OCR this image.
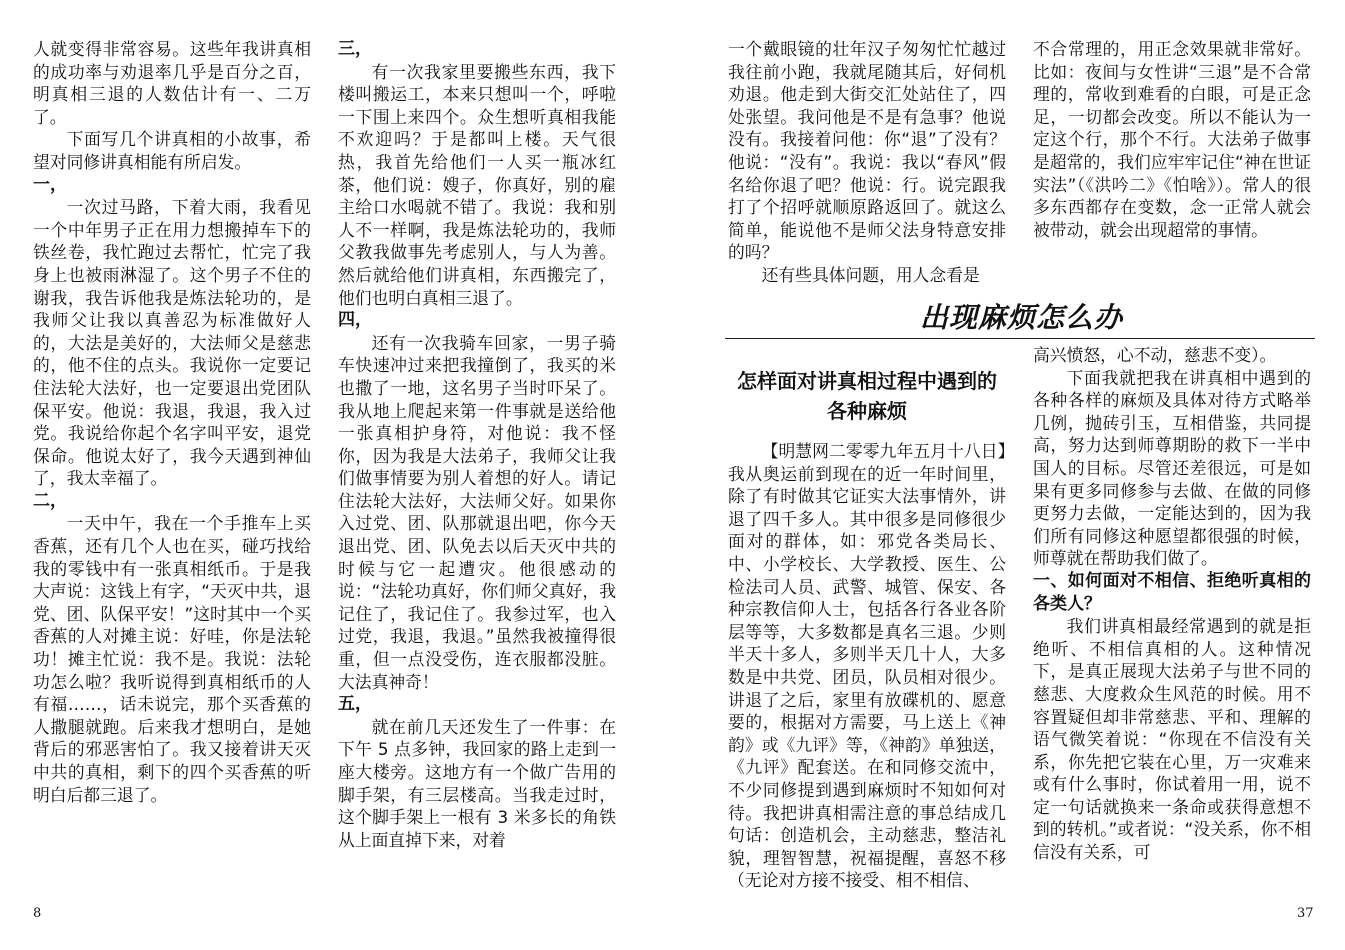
人就变得非常容易。这些年我讲真相的成功率与劝退率几乎是百分之百，明真相三退的人数估计有一、二万了。

下面写几个讲真相的小故事，希望对同修讲真相能有所启发。

一，

一次过马路，下着大雨，我看见一个中年男子正在用力想搬掉车下的铁丝卷，我忙跑过去帮忙，忙完了我身上也被雨淋湿了。这个男子不住的谢我，我告诉他我是炼法轮功的，是我师父让我以真善忍为标准做好人的，大法是美好的，大法师父是慈悲的，他不住的点头。我说你一定要记住法轮大法好，也一定要退出党团队保平安。他说：我退，我退，我入过党。我说给你起个名字叫平安，退党保命。他说太好了，我今天遇到神仙了，我太幸福了。

二，

一天中午，我在一个手推车上买香蕉，还有几个人也在买，碰巧找给我的零钱中有一张真相纸币。于是我大声说：这钱上有字，“天灭中共，退党、团、队保平安！”这时其中一个买香蕉的人对摊主说：好哇，你是法轮功！摊主忙说：我不是。我说：法轮功怎么啦？我听说得到真相纸币的人有福……，话未说完，那个买香蕉的人撒腿就跑。后来我才想明白，是她背后的邪恶害怕了。我又接着讲天灭中共的真相，剩下的四个买香蕉的听明白后都三退了。

三，

有一次我家里要搬些东西，我下楼叫搬运工，本来只想叫一个，呼啦一下围上来四个。众生想听真相我能不欢迎吗？于是都叫上楼。天气很热，我首先给他们一人买一瓶冰红茶，他们说：嫂子，你真好，别的雇主给口水喝就不错了。我说：我和别人不一样啊，我是炼法轮功的，我师父教我做事先考虑别人，与人为善。然后就给他们讲真相，东西搬完了，他们也明白真相三退了。

四，

还有一次我骑车回家，一男子骑车快速冲过来把我撞倒了，我买的米也撒了一地，这名男子当时吓呆了。我从地上爬起来第一件事就是送给他一张真相护身符，对他说：我不怪你，因为我是大法弟子，我师父让我们做事情要为别人着想的好人。请记住法轮大法好，大法师父好。如果你入过党、团、队那就退出吧，你今天退出党、团、队免去以后天灭中共的时候与它一起遭灾。他很感动的说：“法轮功真好，你们师父真好，我记住了，我记住了。我参过军，也入过党，我退，我退。”虽然我被撞得很重，但一点没受伤，连衣服都没脏。大法真神奇！

五，

就在前几天还发生了一件事：在下午 5 点多钟，我回家的路上走到一座大楼旁。这地方有一个做广告用的脚手架，有三层楼高。当我走过时，这个脚手架上一根有 3 米多长的角铁从上面直掉下来，对着

8

一个戴眼镜的壮年汉子匆匆忙忙越过我往前小跑，我就尾随其后，好伺机劝退。他走到大街交汇处站住了，四处张望。我问他是不是有急事？他说没有。我接着问他：你“退”了没有？他说：“没有”。我说：我以“春风”假名给你退了吧？他说：行。说完跟我打了个招呼就顺原路返回了。就这么简单，能说他不是师父法身特意安排的吗？

还有些具体问题，用人念看是

不合常理的，用正念效果就非常好。比如：夜间与女性讲“三退”是不合常理的，常收到难看的白眼，可是正念足，一切都会改变。所以不能认为一定这个行，那个不行。大法弟子做事是超常的，我们应牢牢记住“神在世证实法”（《洪吟二》《怕啥》）。常人的很多东西都存在变数，念一正常人就会被带动，就会出现超常的事情。

出现麻烦怎么办
怎样面对讲真相过程中遇到的各种麻烦

【明慧网二零零九年五月十八日】我从奥运前到现在的近一年时间里，除了有时做其它证实大法事情外，讲退了四千多人。其中很多是同修很少面对的群体，如：邪党各类局长、中、小学校长、大学教授、医生、公检法司人员、武警、城管、保安、各种宗教信仰人士，包括各行各业各阶层等等，大多数都是真名三退。少则半天十多人，多则半天几十人，大多数是中共党、团员，队员相对很少。讲退了之后，家里有放碟机的、愿意要的，根据对方需要，马上送上《神韵》或《九评》等，《神韵》单独送，《九评》配套送。在和同修交流中，不少同修提到遇到麻烦时不知如何对待。我把讲真相需注意的事总结成几句话：创造机会，主动慈悲，整洁礼貌，理智智慧，祝福提醒，喜怒不移（无论对方接不接受、相不相信、

高兴愤怒，心不动，慈悲不变）。

下面我就把我在讲真相中遇到的各种各样的麻烦及具体对待方式略举几例，抛砖引玉，互相借鉴，共同提高，努力达到师尊期盼的救下一半中国人的目标。尽管还差很远，可是如果有更多同修参与去做、在做的同修更努力去做，一定能达到的，因为我们所有同修这种愿望都很强的时候，师尊就在帮助我们做了。

一、如何面对不相信、拒绝听真相的各类人？

我们讲真相最经常遇到的就是拒绝听、不相信真相的人。这种情况下，是真正展现大法弟子与世不同的慈悲、大度救众生风范的时候。用不容置疑但却非常慈悲、平和、理解的语气微笑着说：“你现在不信没有关系，你先把它装在心里，万一灾难来或有什么事时，你试着用一用，说不定一句话就换来一条命或获得意想不到的转机。”或者说：“没关系，你不相信没有关系，可

37
